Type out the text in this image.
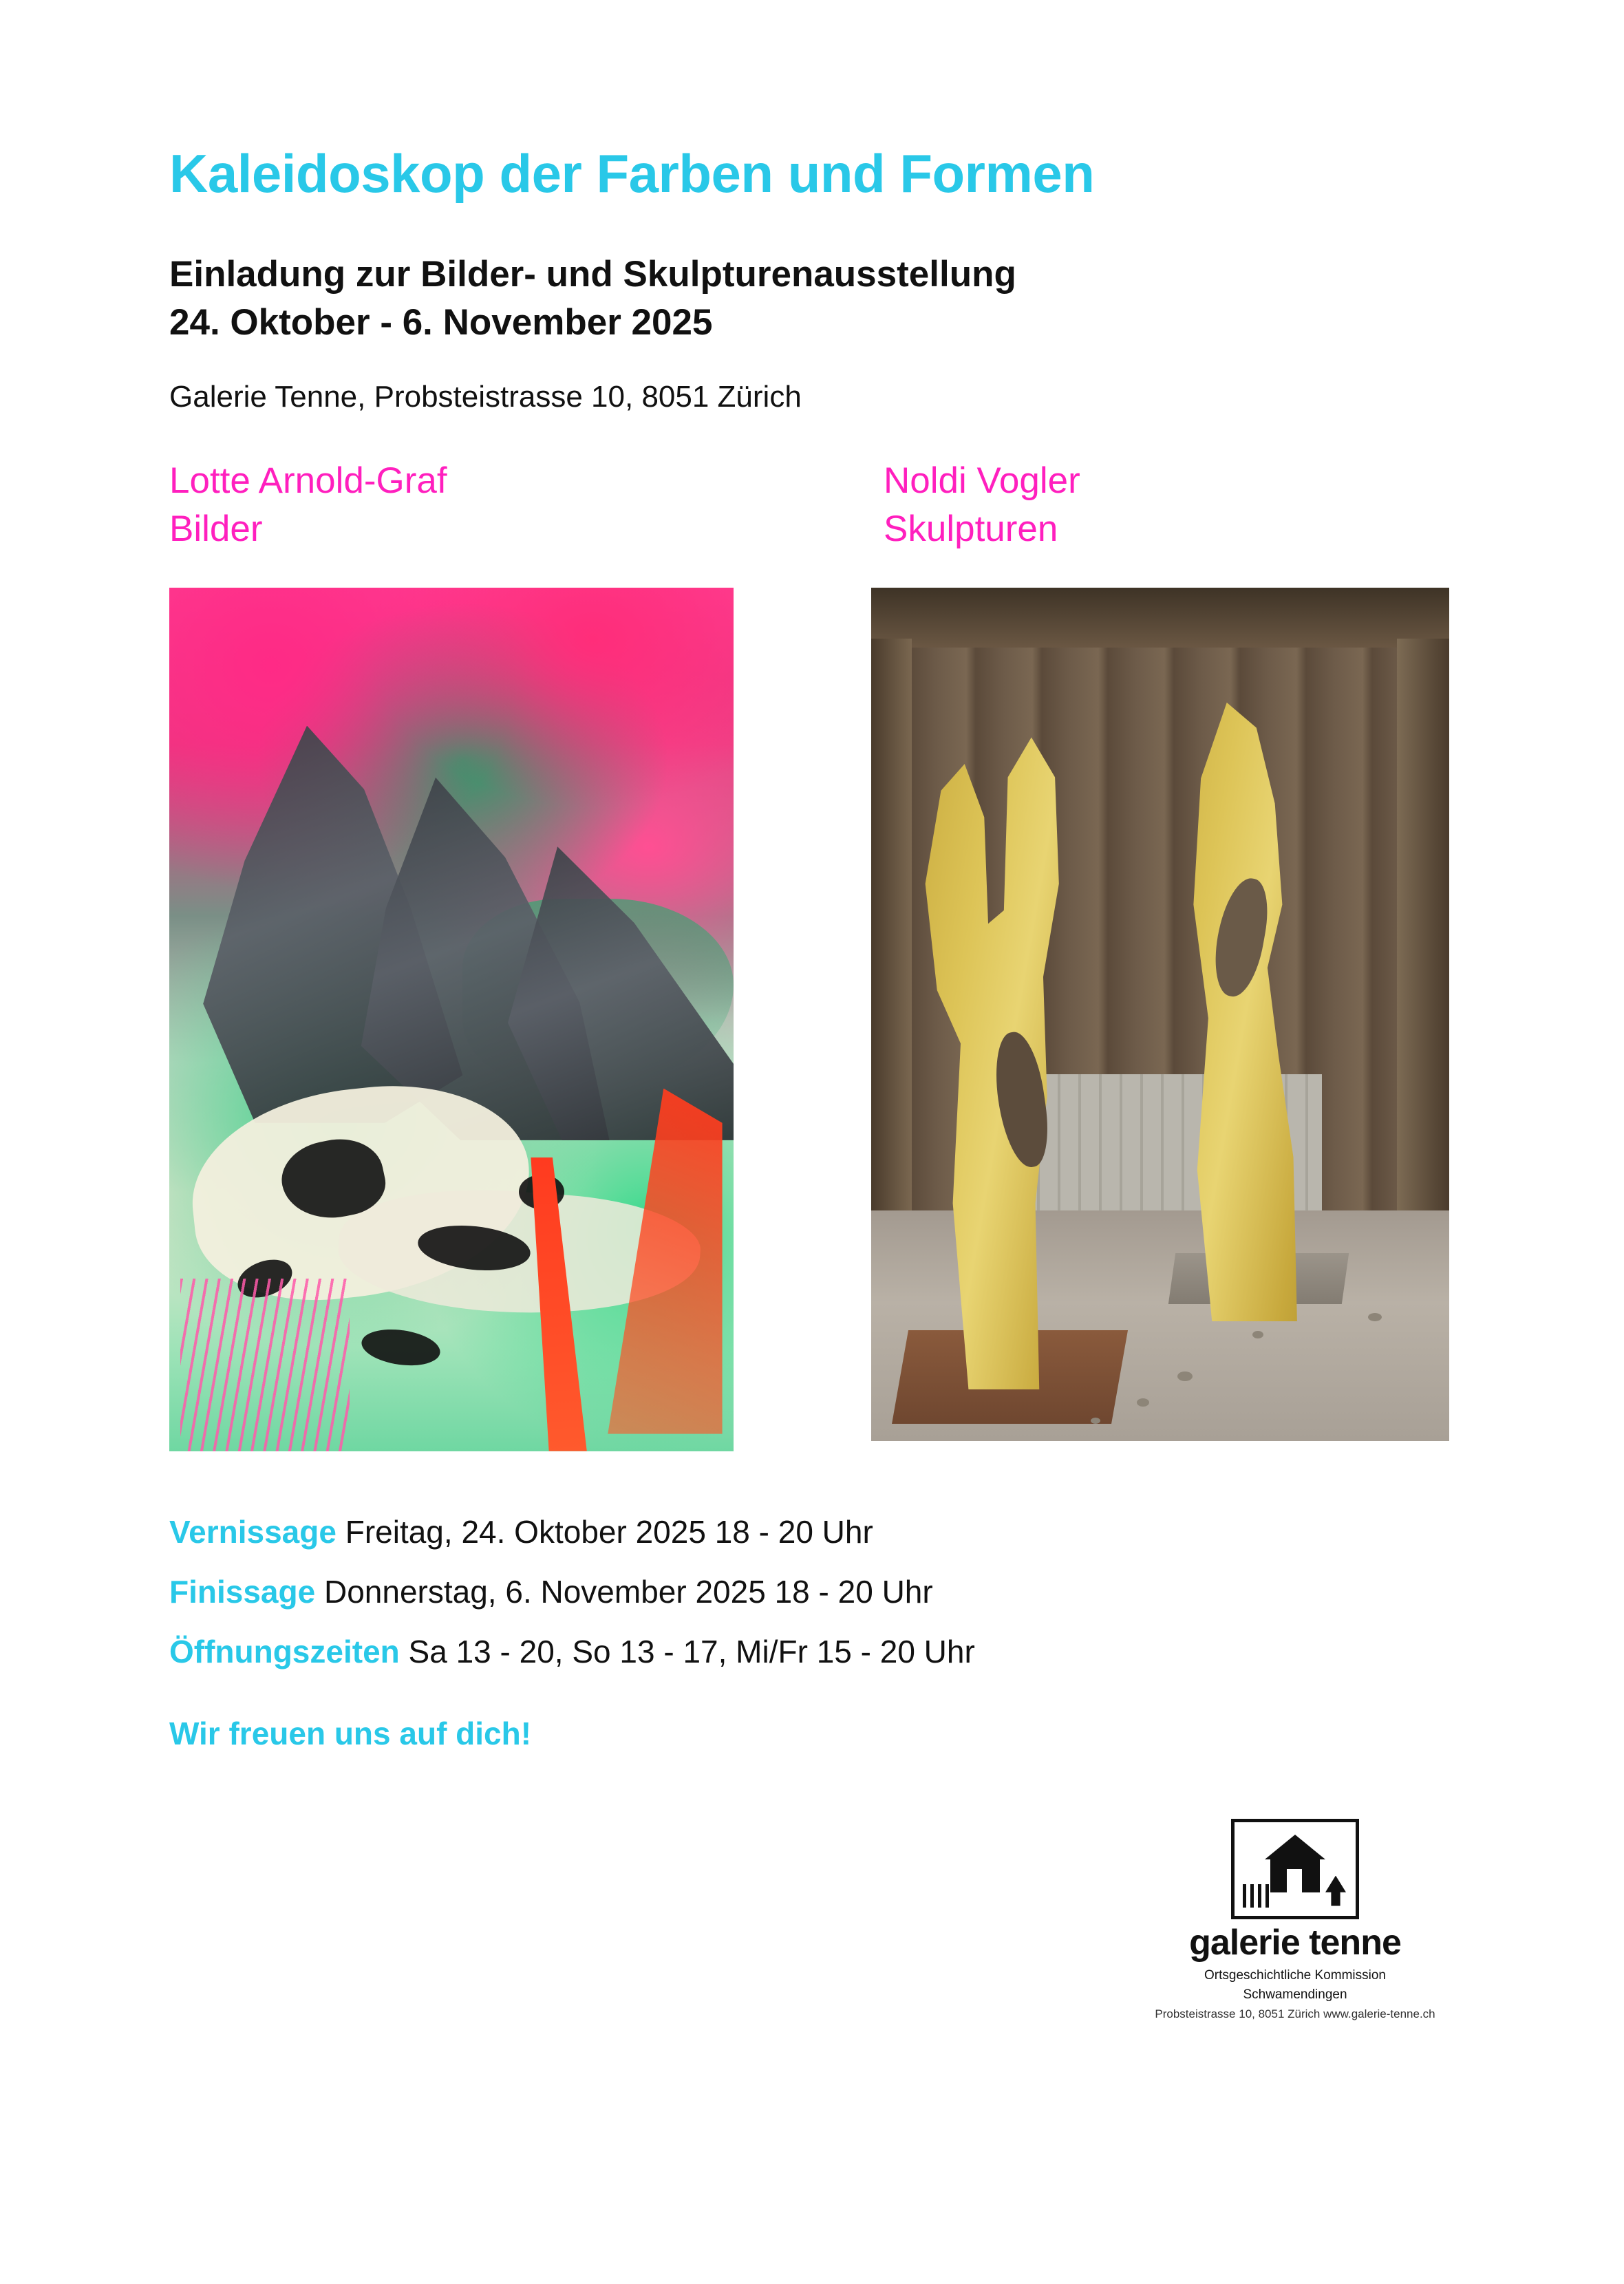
Kaleidoskop der Farben und Formen
Einladung zur Bilder- und Skulpturenausstellung
24. Oktober - 6. November 2025
Galerie Tenne, Probsteistrasse 10, 8051 Zürich
Lotte Arnold-Graf
Bilder
Noldi Vogler
Skulpturen
Vernissage Freitag, 24. Oktober 2025 18 - 20 Uhr
Finissage Donnerstag, 6. November 2025 18 - 20 Uhr
Öffnungszeiten Sa 13 - 20, So 13 - 17, Mi/Fr 15 - 20 Uhr
Wir freuen uns auf dich!
galerie tenne
Ortsgeschichtliche Kommission Schwamendingen
Probsteistrasse 10, 8051 Zürich www.galerie-tenne.ch
